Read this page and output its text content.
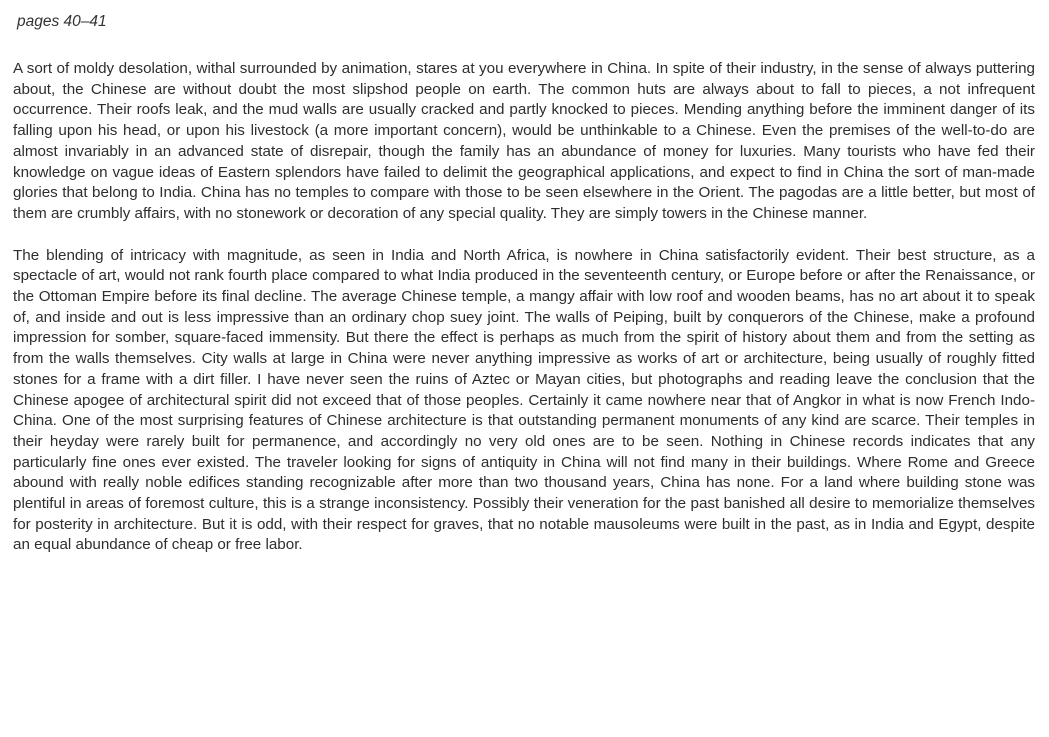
pages 40–41

A sort of moldy desolation, withal surrounded by animation, stares at you everywhere in China. In spite of their industry, in the sense of always puttering about, the Chinese are without doubt the most slipshod people on earth. The common huts are always about to fall to pieces, a not infrequent occurrence. Their roofs leak, and the mud walls are usually cracked and partly knocked to pieces. Mending anything before the imminent danger of its falling upon his head, or upon his livestock (a more important concern), would be unthinkable to a Chinese. Even the premises of the well-to-do are almost invariably in an advanced state of disrepair, though the family has an abundance of money for luxuries. Many tourists who have fed their knowledge on vague ideas of Eastern splendors have failed to delimit the geographical applications, and expect to find in China the sort of man-made glories that belong to India. China has no temples to compare with those to be seen elsewhere in the Orient. The pagodas are a little better, but most of them are crumbly affairs, with no stonework or decoration of any special quality. They are simply towers in the Chinese manner.

The blending of intricacy with magnitude, as seen in India and North Africa, is nowhere in China satisfactorily evident. Their best structure, as a spectacle of art, would not rank fourth place compared to what India produced in the seventeenth century, or Europe before or after the Renaissance, or the Ottoman Empire before its final decline. The average Chinese temple, a mangy affair with low roof and wooden beams, has no art about it to speak of, and inside and out is less impressive than an ordinary chop suey joint. The walls of Peiping, built by conquerors of the Chinese, make a profound impression for somber, square-faced immensity. But there the effect is perhaps as much from the spirit of history about them and from the setting as from the walls themselves. City walls at large in China were never anything impressive as works of art or architecture, being usually of roughly fitted stones for a frame with a dirt filler. I have never seen the ruins of Aztec or Mayan cities, but photographs and reading leave the conclusion that the Chinese apogee of architectural spirit did not exceed that of those peoples. Certainly it came nowhere near that of Angkor in what is now French Indo-China. One of the most surprising features of Chinese architecture is that outstanding permanent monuments of any kind are scarce. Their temples in their heyday were rarely built for permanence, and accordingly no very old ones are to be seen. Nothing in Chinese records indicates that any particularly fine ones ever existed. The traveler looking for signs of antiquity in China will not find many in their buildings. Where Rome and Greece abound with really noble edifices standing recognizable after more than two thousand years, China has none. For a land where building stone was plentiful in areas of foremost culture, this is a strange inconsistency. Possibly their veneration for the past banished all desire to memorialize themselves for posterity in architecture. But it is odd, with their respect for graves, that no notable mausoleums were built in the past, as in India and Egypt, despite an equal abundance of cheap or free labor.
